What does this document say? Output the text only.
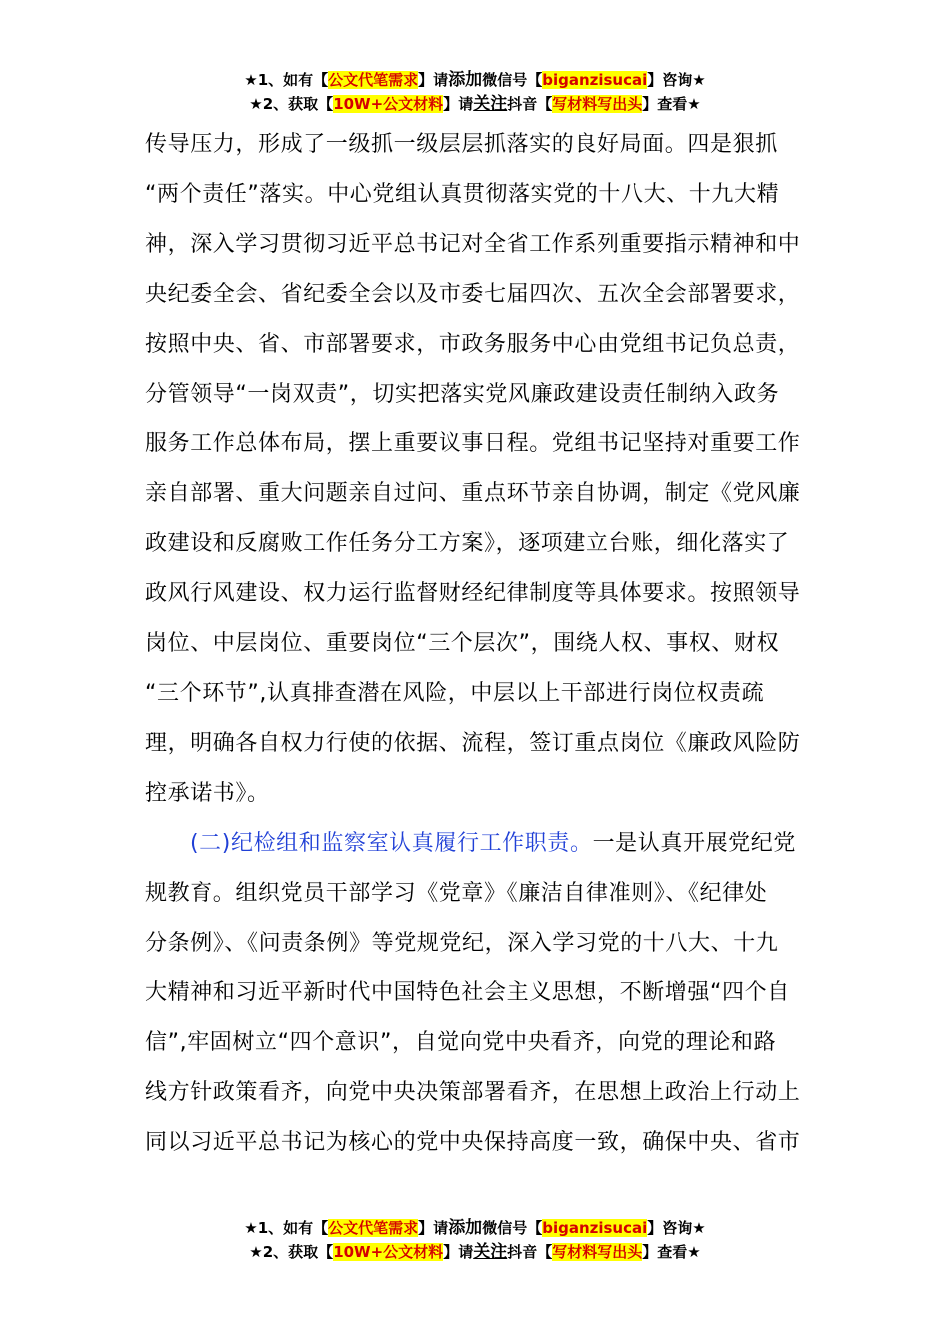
★1、如有【公文代笔需求】请添加微信号【biganzisucai】咨询★
★2、获取【10W+公文材料】请关注抖音【写材料写出头】查看★

传导压力，形成了一级抓一级层层抓落实的良好局面。四是狠抓
“两个责任”落实。中心党组认真贯彻落实党的十八大、十九大精
神，深入学习贯彻习近平总书记对全省工作系列重要指示精神和中
央纪委全会、省纪委全会以及市委七届四次、五次全会部署要求，
按照中央、省、市部署要求，市政务服务中心由党组书记负总责，
分管领导“一岗双责”，切实把落实党风廉政建设责任制纳入政务
服务工作总体布局，摆上重要议事日程。党组书记坚持对重要工作
亲自部署、重大问题亲自过问、重点环节亲自协调，制定《党风廉
政建设和反腐败工作任务分工方案》，逐项建立台账，细化落实了
政风行风建设、权力运行监督财经纪律制度等具体要求。按照领导
岗位、中层岗位、重要岗位“三个层次”，围绕人权、事权、财权
“三个环节”,认真排查潜在风险，中层以上干部进行岗位权责疏
理，明确各自权力行使的依据、流程，签订重点岗位《廉政风险防
控承诺书》。

(二)纪检组和监察室认真履行工作职责。一是认真开展党纪党
规教育。组织党员干部学习《党章》《廉洁自律准则》、《纪律处
分条例》、《问责条例》等党规党纪，深入学习党的十八大、十九
大精神和习近平新时代中国特色社会主义思想，不断增强“四个自
信”,牢固树立“四个意识”，自觉向党中央看齐，向党的理论和路
线方针政策看齐，向党中央决策部署看齐，在思想上政治上行动上
同以习近平总书记为核心的党中央保持高度一致，确保中央、省市

★1、如有【公文代笔需求】请添加微信号【biganzisucai】咨询★
★2、获取【10W+公文材料】请关注抖音【写材料写出头】查看★
